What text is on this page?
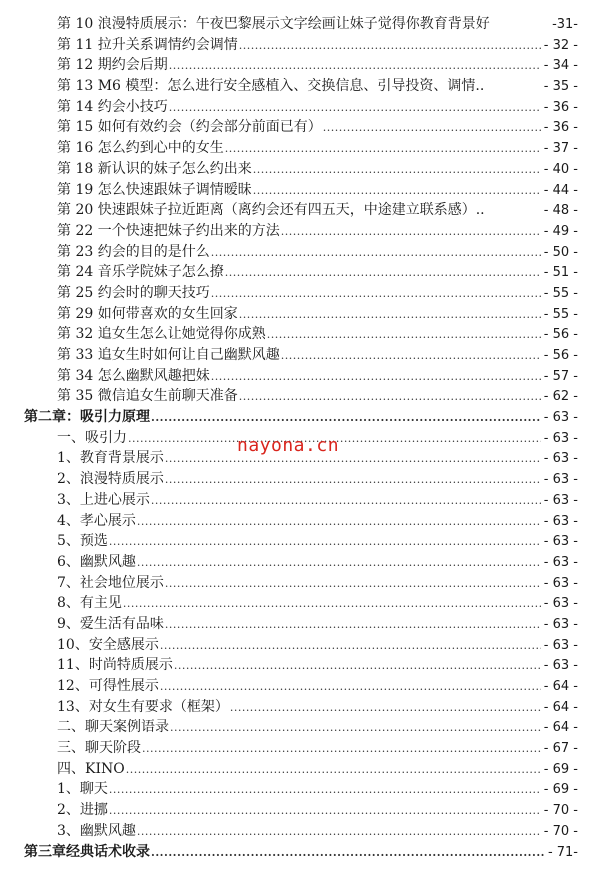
第 10 浪漫特质展示：午夜巴黎展示文字绘画让妹子觉得你教育背景好	-31-
第 11 拉升关系调情约会调情 .....	- 32 -
第 12 期约会后期 .....	- 34 -
第 13 M6 模型：怎么进行安全感植入、交换信息、引导投资、调情..	- 35 -
第 14 约会小技巧 .....	- 36 -
第 15 如何有效约会（约会部分前面已有） .....	- 36 -
第 16 怎么约到心中的女生 .....	- 37 -
第 18 新认识的妹子怎么约出来 .....	- 40 -
第 19 怎么快速跟妹子调情暧昧 .....	- 44 -
第 20 快速跟妹子拉近距离（离约会还有四五天，中途建立联系感）..	- 48 -
第 22 一个快速把妹子约出来的方法 .....	- 49 -
第 23 约会的目的是什么 .....	- 50 -
第 24 音乐学院妹子怎么撩 .....	- 51 -
第 25 约会时的聊天技巧 .....	- 55 -
第 29 如何带喜欢的女生回家 .....	- 55 -
第 32 追女生怎么让她觉得你成熟 .....	- 56 -
第 33 追女生时如何让自己幽默风趣 .....	- 56 -
第 34 怎么幽默风趣把妹 .....	- 57 -
第 35 微信追女生前聊天准备 .....	- 62 -
第二章：吸引力原理 .....	- 63 -
一、吸引力 .....	- 63 -
1、教育背景展示 .....	- 63 -
2、浪漫特质展示 .....	- 63 -
3、上进心展示 .....	- 63 -
4、孝心展示 .....	- 63 -
5、预选 .....	- 63 -
6、幽默风趣 .....	- 63 -
7、社会地位展示 .....	- 63 -
8、有主见 .....	- 63 -
9、爱生活有品味 .....	- 63 -
10、安全感展示 .....	- 63 -
11、时尚特质展示 .....	- 63 -
12、可得性展示 .....	- 64 -
13、对女生有要求（框架） .....	- 64 -
二、聊天案例语录 .....	- 64 -
三、聊天阶段 .....	- 67 -
四、KINO .....	- 69 -
1、聊天 .....	- 69 -
2、进挪 .....	- 70 -
3、幽默风趣 .....	- 70 -
第三章经典话术收录 .....	- 71-
nayona.cn
